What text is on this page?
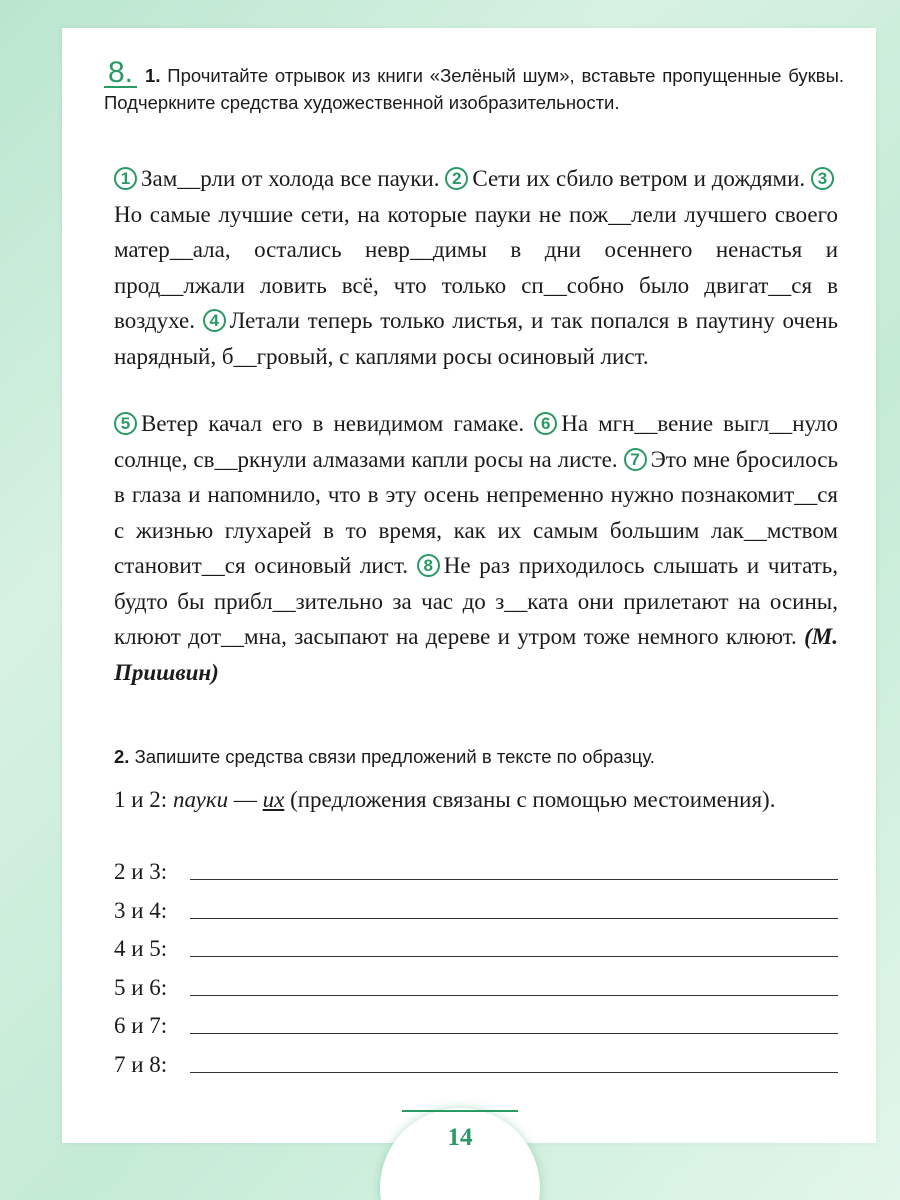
8. 1. Прочитайте отрывок из книги «Зелёный шум», вставьте пропущенные буквы. Подчеркните средства художественной изобразительности.
1 Зам__рли от холода все пауки. 2 Сети их сбило ветром и дождями. 3Но самые лучшие сети, на которые пауки не пож__лели лучшего своего матер__ала, остались невр__димы в дни осеннего ненастья и прод__лжали ловить всё, что только сп__собно было двигат__ся в воздухе. 4 Летали теперь только листья, и так попался в паутину очень нарядный, б__гровый, с каплями росы осиновый лист.
5 Ветер качал его в невидимом гамаке. 6 На мгн__вение выгл__нуло солнце, св__ркнули алмазами капли росы на листе. 7 Это мне бросилось в глаза и напомнило, что в эту осень непременно нужно познакомит__ся с жизнью глухарей в то время, как их самым большим лак__мством становит__ся осиновый лист. 8 Не раз приходилось слышать и читать, будто бы прибл__зительно за час до з__ката они прилетают на осины, клюют дот__мна, засыпают на дереве и утром тоже немного клюют. (М. Пришвин)
2. Запишите средства связи предложений в тексте по образцу.
1 и 2: пауки — их (предложения связаны с помощью местоимения).
2 и 3:
3 и 4:
4 и 5:
5 и 6:
6 и 7:
7 и 8:
14
